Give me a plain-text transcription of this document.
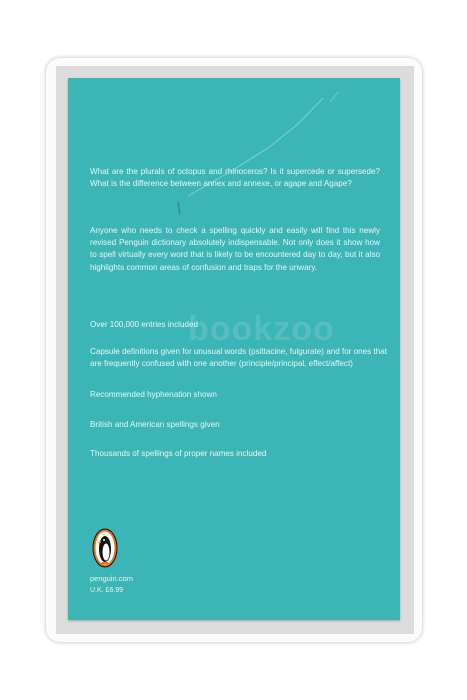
What are the plurals of octopus and rhinoceros? Is it supercede or supersede? What is the difference between annex and annexe, or agape and Agape?
Anyone who needs to check a spelling quickly and easily will find this newly revised Penguin dictionary absolutely indispensable. Not only does it show how to spell virtually every word that is likely to be encountered day to day, but it also highlights common areas of confusion and traps for the unwary.
Over 100,000 entries included
Capsule definitions given for unusual words (psittacine, fulgurate) and for ones that are frequently confused with one another (principle/principal, effect/affect)
Recommended hyphenation shown
British and American spellings given
Thousands of spellings of proper names included
bookzoo
penguin.com
U.K. £6.99
